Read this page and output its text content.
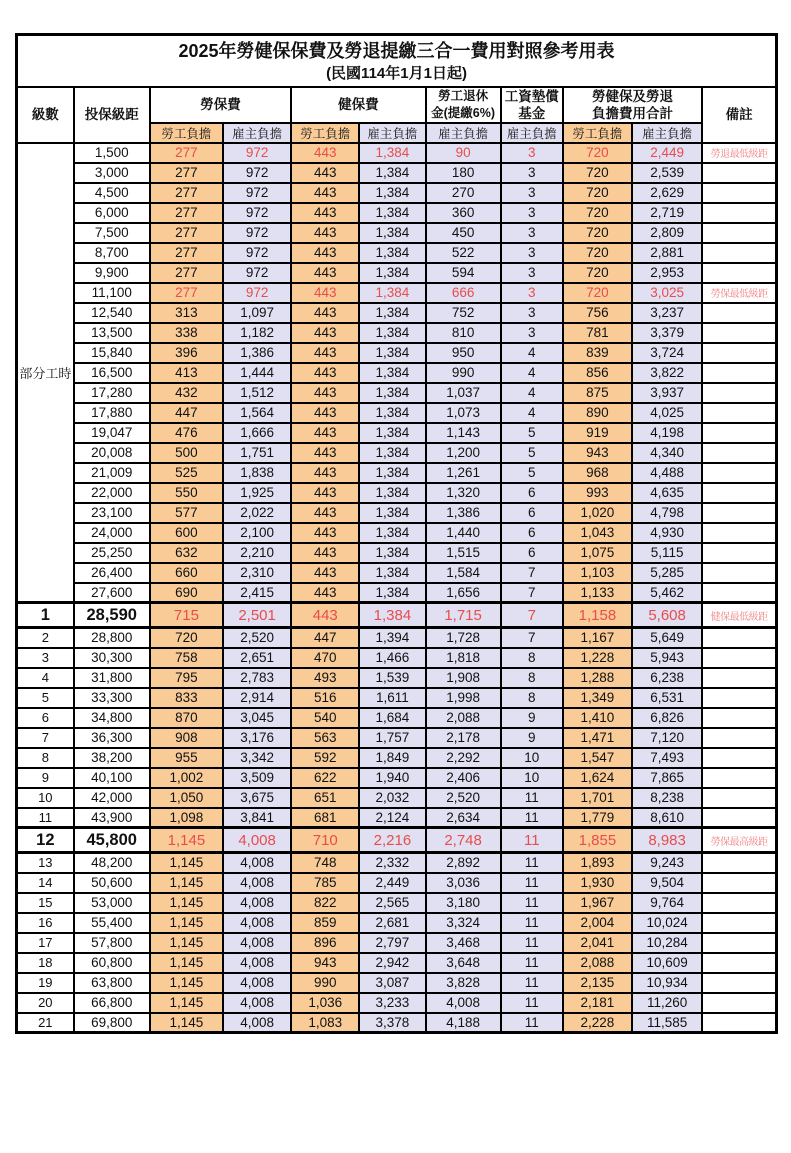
2025年勞健保保費及勞退提繳三合一費用對照參考用表
(民國114年1月1日起)										

級數	投保級距	勞保費		健保費		勞工退休
金(提繳6%)	工資墊償
基金	勞健保及勞退
負擔費用合計		備註
		勞工負擔	雇主負擔	勞工負擔	雇主負擔	雇主負擔	雇主負擔	勞工負擔	雇主負擔	
部分工時	1,500	277	972	443	1,384	90	3	720	2,449	勞退最低級距
	3,000	277	972	443	1,384	180	3	720	2,539	
	4,500	277	972	443	1,384	270	3	720	2,629	
	6,000	277	972	443	1,384	360	3	720	2,719	
	7,500	277	972	443	1,384	450	3	720	2,809	
	8,700	277	972	443	1,384	522	3	720	2,881	
	9,900	277	972	443	1,384	594	3	720	2,953	
	11,100	277	972	443	1,384	666	3	720	3,025	勞保最低級距
	12,540	313	1,097	443	1,384	752	3	756	3,237	
	13,500	338	1,182	443	1,384	810	3	781	3,379	
	15,840	396	1,386	443	1,384	950	4	839	3,724	
	16,500	413	1,444	443	1,384	990	4	856	3,822	
	17,280	432	1,512	443	1,384	1,037	4	875	3,937	
	17,880	447	1,564	443	1,384	1,073	4	890	4,025	
	19,047	476	1,666	443	1,384	1,143	5	919	4,198	
	20,008	500	1,751	443	1,384	1,200	5	943	4,340	
	21,009	525	1,838	443	1,384	1,261	5	968	4,488	
	22,000	550	1,925	443	1,384	1,320	6	993	4,635	
	23,100	577	2,022	443	1,384	1,386	6	1,020	4,798	
	24,000	600	2,100	443	1,384	1,440	6	1,043	4,930	
	25,250	632	2,210	443	1,384	1,515	6	1,075	5,115	
	26,400	660	2,310	443	1,384	1,584	7	1,103	5,285	
	27,600	690	2,415	443	1,384	1,656	7	1,133	5,462	
1	28,590	715	2,501	443	1,384	1,715	7	1,158	5,608	健保最低級距
2	28,800	720	2,520	447	1,394	1,728	7	1,167	5,649	
3	30,300	758	2,651	470	1,466	1,818	8	1,228	5,943	
4	31,800	795	2,783	493	1,539	1,908	8	1,288	6,238	
5	33,300	833	2,914	516	1,611	1,998	8	1,349	6,531	
6	34,800	870	3,045	540	1,684	2,088	9	1,410	6,826	
7	36,300	908	3,176	563	1,757	2,178	9	1,471	7,120	
8	38,200	955	3,342	592	1,849	2,292	10	1,547	7,493	
9	40,100	1,002	3,509	622	1,940	2,406	10	1,624	7,865	
10	42,000	1,050	3,675	651	2,032	2,520	11	1,701	8,238	
11	43,900	1,098	3,841	681	2,124	2,634	11	1,779	8,610	
12	45,800	1,145	4,008	710	2,216	2,748	11	1,855	8,983	勞保最高級距
13	48,200	1,145	4,008	748	2,332	2,892	11	1,893	9,243	
14	50,600	1,145	4,008	785	2,449	3,036	11	1,930	9,504	
15	53,000	1,145	4,008	822	2,565	3,180	11	1,967	9,764	
16	55,400	1,145	4,008	859	2,681	3,324	11	2,004	10,024	
17	57,800	1,145	4,008	896	2,797	3,468	11	2,041	10,284	
18	60,800	1,145	4,008	943	2,942	3,648	11	2,088	10,609	
19	63,800	1,145	4,008	990	3,087	3,828	11	2,135	10,934	
20	66,800	1,145	4,008	1,036	3,233	4,008	11	2,181	11,260	
21	69,800	1,145	4,008	1,083	3,378	4,188	11	2,228	11,585	
